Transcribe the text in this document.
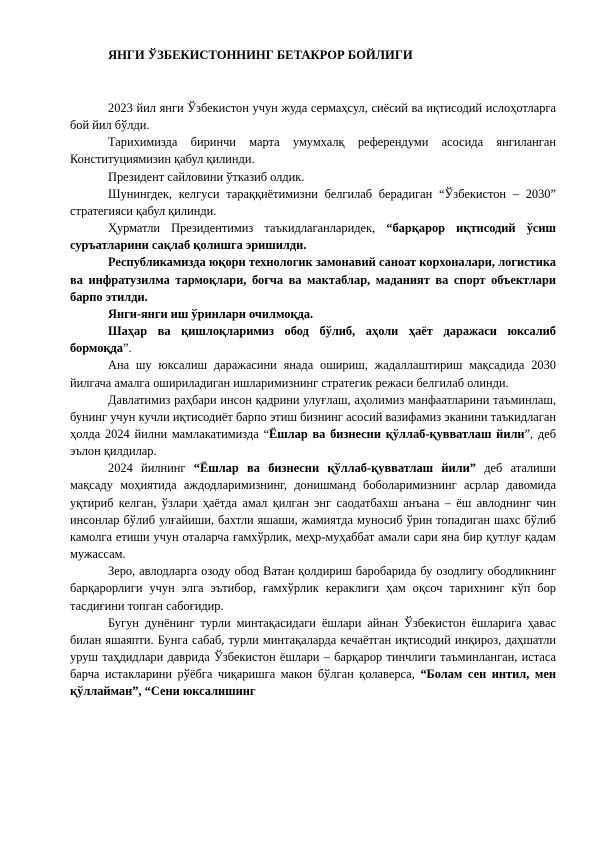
ЯНГИ ЎЗБЕКИСТОННИНГ БЕТАКРОР БОЙЛИГИ

2023 йил янги Ўзбекистон учун жуда сермаҳсул, сиёсий ва иқтисодий ислоҳотларга бой йил бўлди.

Тарихимизда биринчи марта умумхалқ референдуми асосида янгиланган Конституциямизин қабул қилинди.

Президент сайловини ўтказиб олдик.

Шунингдек, келгуси тараққиётимизни белгилаб берадиган “Ўзбекистон – 2030” стратегияси қабул қилинди.

Ҳурматли Президентимиз таъкидлаганларидек, “барқарор иқтисодий ўсиш суръатларини сақлаб қолишга эришилди.

Республикамизда юқори технологик замонавий саноат корхоналари, логистика ва инфратузилма тармоқлари, боғча ва мактаблар, маданият ва спорт объектлари барпо этилди.

Янги-янги иш ўринлари очилмоқда.

Шаҳар ва қишлоқларимиз обод бўлиб, аҳоли ҳаёт даражаси юксалиб бормоқда”.

Ана шу юксалиш даражасини янада ошириш, жадаллаштириш мақсадида 2030 йилгача амалга ошириладиган ишларимизнинг стратегик режаси белгилаб олинди.

Давлатимиз раҳбари инсон қадрини улуғлаш, аҳолимиз манфаатларини таъминлаш, бунинг учун кучли иқтисодиёт барпо этиш бизнинг асосий вазифамиз эканини таъкидлаган ҳолда 2024 йилни мамлакатимизда “Ёшлар ва бизнесни қўллаб-қувватлаш йили”, деб эълон қилдилар.

2024 йилнинг “Ёшлар ва бизнесни қўллаб-қувватлаш йили” деб аталиши мақсаду моҳиятида аждодларимизнинг, донишманд боболаримизнинг асрлар давомида уқтириб келган, ўзлари ҳаётда амал қилган энг саодатбахш анъана – ёш авлоднинг чин инсонлар бўлиб улғайиши, бахтли яшаши, жамиятда муносиб ўрин топадиган шахс бўлиб камолга етиши учун оталарча ғамхўрлик, меҳр-муҳаббат амали сари яна бир қутлуғ қадам мужассам.

Зеро, авлодларга озоду обод Ватан қолдириш баробарида бу озодлигу ободликнинг барқарорлиги учун элга эътибор, ғамхўрлик кераклиги ҳам оқсоч тарихнинг кўп бор тасдиғини топган сабоғидир.

Бугун дунёнинг турли минтақасидаги ёшлари айнан Ўзбекистон ёшларига ҳавас билан яшаяпти. Бунга сабаб, турли минтақаларда кечаётган иқтисодий инқироз, даҳшатли уруш таҳдидлари даврида Ўзбекистон ёшлари – барқарор тинчлиги таъминланган, истаса барча истакларини рўёбга чиқаришга макон бўлган қолаверса, “Болам сен интил, мен қўллайман”, “Сени юксалишинг
